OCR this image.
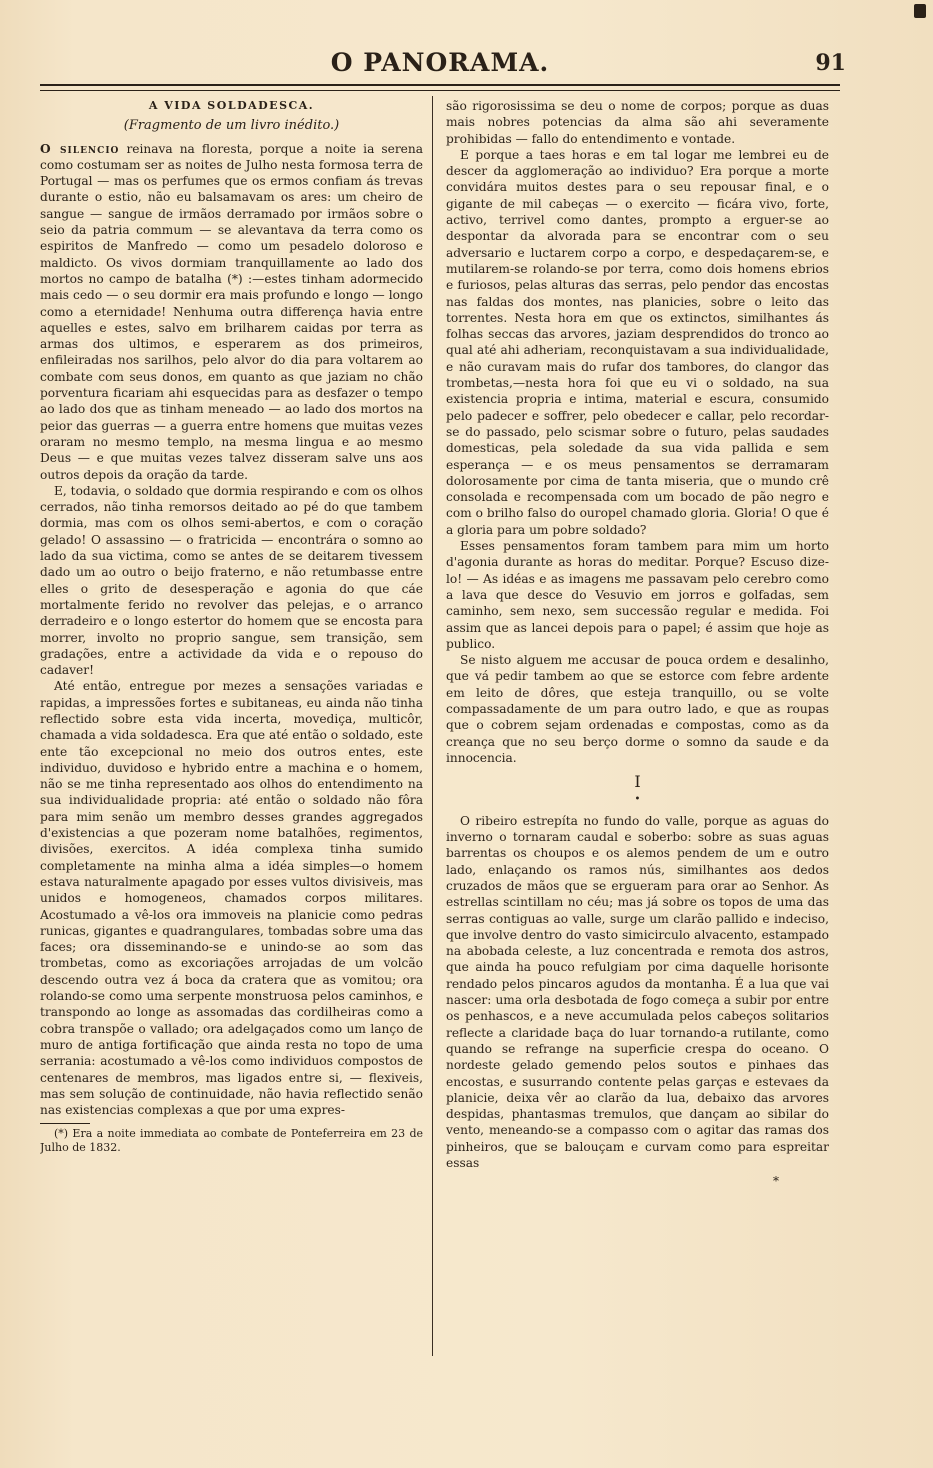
O PANORAMA.	91
A VIDA SOLDADESCA.
(Fragmento de um livro inédito.)

O silencio reinava na floresta, porque a noite ia serena como costumam ser as noites de Julho nesta formosa terra de Portugal — mas os perfumes que os ermos confiam ás trevas durante o estio, não eu balsamavam os ares: um cheiro de sangue — sangue de irmãos derramado por irmãos sobre o seio da patria commum — se alevantava da terra como os espiritos de Manfredo — como um pesadelo doloroso e maldicto. Os vivos dormiam tranquillamente ao lado dos mortos no campo de batalha (*) :—estes tinham adormecido mais cedo — o seu dormir era mais profundo e longo — longo como a eternidade! Nenhuma outra differença havia entre aquelles e estes, salvo em brilharem caidas por terra as armas dos ultimos, e esperarem as dos primeiros, enfileiradas nos sarilhos, pelo alvor do dia para voltarem ao combate com seus donos, em quanto as que jaziam no chão porventura ficariam ahi esquecidas para as desfazer o tempo ao lado dos que as tinham meneado — ao lado dos mortos na peior das guerras — a guerra entre homens que muitas vezes oraram no mesmo templo, na mesma lingua e ao mesmo Deus — e que muitas vezes talvez disseram salve uns aos outros depois da oração da tarde.

E, todavia, o soldado que dormia respirando e com os olhos cerrados, não tinha remorsos deitado ao pé do que tambem dormia, mas com os olhos semi-abertos, e com o coração gelado! O assassino — o fratricida — encontrára o somno ao lado da sua victima, como se antes de se deitarem tivessem dado um ao outro o beijo fraterno, e não retumbasse entre elles o grito de desesperação e agonia do que cáe mortalmente ferido no revolver das pelejas, e o arranco derradeiro e o longo estertor do homem que se encosta para morrer, involto no proprio sangue, sem transição, sem gradações, entre a actividade da vida e o repouso do cadaver!

Até então, entregue por mezes a sensações variadas e rapidas, a impressões fortes e subitaneas, eu ainda não tinha reflectido sobre esta vida incerta, movediça, multicôr, chamada a vida soldadesca. Era que até então o soldado, este ente tão excepcional no meio dos outros entes, este individuo, duvidoso e hybrido entre a machina e o homem, não se me tinha representado aos olhos do entendimento na sua individualidade propria: até então o soldado não fôra para mim senão um membro desses grandes aggregados d'existencias a que pozeram nome batalhões, regimentos, divisões, exercitos. A idéa complexa tinha sumido completamente na minha alma a idéa simples—o homem estava naturalmente apagado por esses vultos divisiveis, mas unidos e homogeneos, chamados corpos militares. Acostumado a vê-los ora immoveis na planicie como pedras runicas, gigantes e quadrangulares, tombadas sobre uma das faces; ora disseminando-se e unindo-se ao som das trombetas, como as excoriações arrojadas de um volcão descendo outra vez á boca da cratera que as vomitou; ora rolando-se como uma serpente monstruosa pelos caminhos, e transpondo ao longe as assomadas das cordilheiras como a cobra transpõe o vallado; ora adelgaçados como um lanço de muro de antiga fortificação que ainda resta no topo de uma serrania: acostumado a vê-los como individuos compostos de centenares de membros, mas ligados entre si, — flexiveis, mas sem solução de continuidade, não havia reflectido senão nas existencias complexas a que por uma expres-

(*) Era a noite immediata ao combate de Ponteferreira em 23 de Julho de 1832.

são rigorosissima se deu o nome de corpos; porque as duas mais nobres potencias da alma são ahi severamente prohibidas — fallo do entendimento e vontade.

E porque a taes horas e em tal logar me lembrei eu de descer da agglomeração ao individuo? Era porque a morte convidára muitos destes para o seu repousar final, e o gigante de mil cabeças — o exercito — ficára vivo, forte, activo, terrivel como dantes, prompto a erguer-se ao despontar da alvorada para se encontrar com o seu adversario e luctarem corpo a corpo, e despedaçarem-se, e mutilarem-se rolando-se por terra, como dois homens ebrios e furiosos, pelas alturas das serras, pelo pendor das encostas nas faldas dos montes, nas planicies, sobre o leito das torrentes. Nesta hora em que os extinctos, similhantes ás folhas seccas das arvores, jaziam desprendidos do tronco ao qual até ahi adheriam, reconquistavam a sua individualidade, e não curavam mais do rufar dos tambores, do clangor das trombetas,—nesta hora foi que eu vi o soldado, na sua existencia propria e intima, material e escura, consumido pelo padecer e soffrer, pelo obedecer e callar, pelo recordar-se do passado, pelo scismar sobre o futuro, pelas saudades domesticas, pela soledade da sua vida pallida e sem esperança — e os meus pensamentos se derramaram dolorosamente por cima de tanta miseria, que o mundo crê consolada e recompensada com um bocado de pão negro e com o brilho falso do ouropel chamado gloria. Gloria! O que é a gloria para um pobre soldado?

Esses pensamentos foram tambem para mim um horto d'agonia durante as horas do meditar. Porque? Escuso dize-lo! — As idéas e as imagens me passavam pelo cerebro como a lava que desce do Vesuvio em jorros e golfadas, sem caminho, sem nexo, sem successão regular e medida. Foi assim que as lancei depois para o papel; é assim que hoje as publico.

Se nisto alguem me accusar de pouca ordem e desalinho, que vá pedir tambem ao que se estorce com febre ardente em leito de dôres, que esteja tranquillo, ou se volte compassadamente de um para outro lado, e que as roupas que o cobrem sejam ordenadas e compostas, como as da creança que no seu berço dorme o somno da saude e da innocencia.

I
•

O ribeiro estrepíta no fundo do valle, porque as aguas do inverno o tornaram caudal e soberbo: sobre as suas aguas barrentas os choupos e os alemos pendem de um e outro lado, enlaçando os ramos nús, similhantes aos dedos cruzados de mãos que se ergueram para orar ao Senhor. As estrellas scintillam no céu; mas já sobre os topos de uma das serras contiguas ao valle, surge um clarão pallido e indeciso, que involve dentro do vasto simicirculo alvacento, estampado na abobada celeste, a luz concentrada e remota dos astros, que ainda ha pouco refulgiam por cima daquelle horisonte rendado pelos pincaros agudos da montanha. É a lua que vai nascer: uma orla desbotada de fogo começa a subir por entre os penhascos, e a neve accumulada pelos cabeços solitarios reflecte a claridade baça do luar tornando-a rutilante, como quando se refrange na superficie crespa do oceano. O nordeste gelado gemendo pelos soutos e pinhaes das encostas, e susurrando contente pelas garças e estevaes da planicie, deixa vêr ao clarão da lua, debaixo das arvores despidas, phantasmas tremulos, que dançam ao sibilar do vento, meneando-se a compasso com o agitar das ramas dos pinheiros, que se balouçam e curvam como para espreitar essas

*
